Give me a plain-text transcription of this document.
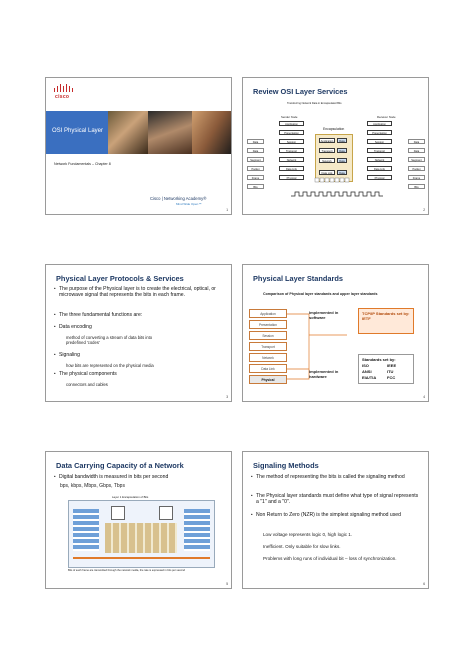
cisco
OSI Physical Layer
Network Fundamentals – Chapter 8
Cisco | Networking Academy®
Mind Wide Open™
1
Review OSI Layer Services
Transferring Network Data in Encapsulated Bits
Sender Node	Receiver Node
Encapsulation
Application
Presentation
Session
Transport
Network
Data Link
Physical
Data
Data
Segment
Packet
Frame
Bits
Application	Data
Transport	Data
Network	Data
Data Link	Data
Application
Presentation
Session
Transport
Network
Data Link
Physical
Data
Data
Segment
Packet
Frame
Bits
2
Physical Layer Protocols & Services
• The purpose of the Physical layer is to create the electrical, optical, or microwave signal that represents the bits in each frame.
• The three fundamental functions are:
• Data encoding
method of converting a stream of data bits into predefined 'codes'
• Signaling
how bits are represented on the physical media
• The physical components
connectors and cables
3
Physical Layer Standards
Comparison of Physical layer standards and upper layer standards
Application
Presentation
Session
Transport
Network
Data Link
Physical
Implemented in software
Implemented in hardware
TCP/IP Standards set by: IETF
Standards set by:
ISO	IEEE
ANSI	ITU
EIA/TIA	FCC
4
Data Carrying Capacity of a Network
• Digital bandwidth is measured in bits per second
bps, kbps, Mbps, Gbps, Tbps
Layer 1 Encapsulation of Bits
Bits of each frame are transmitted through the network media, the rate is expressed in bits per second
5
Signaling Methods
• The method of representing the bits is called the signaling method
• The Physical layer standards must define what type of signal represents a "1" and a "0".
• Non Return to Zero (NZR) is the simplest signaling method used
Low voltage represents logic 0, high logic 1.
Inefficient. Only suitable for slow links.
Problems with long runs of individual bit – loss of synchronization.
6
